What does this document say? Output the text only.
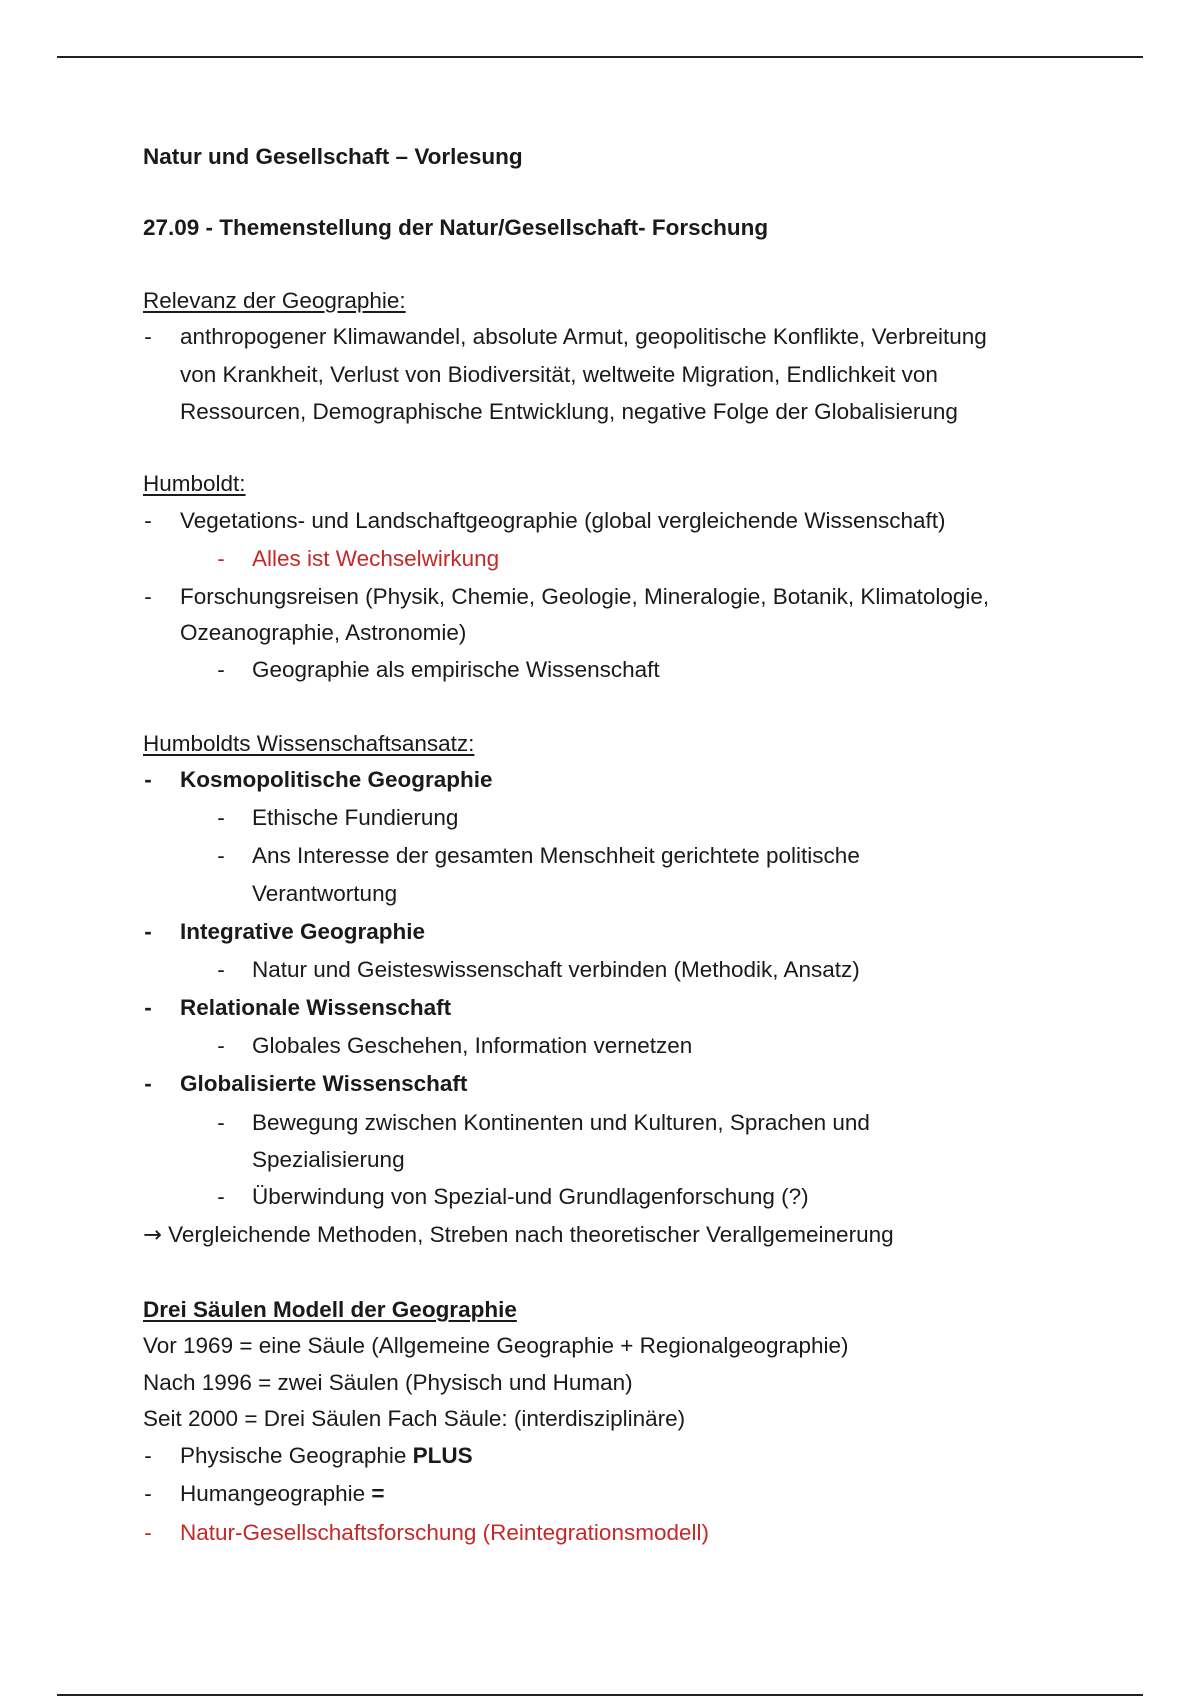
Natur und Gesellschaft – Vorlesung
27.09 - Themenstellung der Natur/Gesellschaft- Forschung
Relevanz der Geographie:
- anthropogener Klimawandel, absolute Armut, geopolitische Konflikte, Verbreitung
von Krankheit, Verlust von Biodiversität, weltweite Migration, Endlichkeit von
Ressourcen, Demographische Entwicklung, negative Folge der Globalisierung
Humboldt:
- Vegetations- und Landschaftgeographie (global vergleichende Wissenschaft)
- Alles ist Wechselwirkung
- Forschungsreisen (Physik, Chemie, Geologie, Mineralogie, Botanik, Klimatologie,
Ozeanographie, Astronomie)
- Geographie als empirische Wissenschaft
Humboldts Wissenschaftsansatz:
- Kosmopolitische Geographie
- Ethische Fundierung
- Ans Interesse der gesamten Menschheit gerichtete politische
Verantwortung
- Integrative Geographie
- Natur und Geisteswissenschaft verbinden (Methodik, Ansatz)
- Relationale Wissenschaft
- Globales Geschehen, Information vernetzen
- Globalisierte Wissenschaft
- Bewegung zwischen Kontinenten und Kulturen, Sprachen und
Spezialisierung
- Überwindung von Spezial-und Grundlagenforschung (?)
→ Vergleichende Methoden, Streben nach theoretischer Verallgemeinerung
Drei Säulen Modell der Geographie
Vor 1969 = eine Säule (Allgemeine Geographie + Regionalgeographie)
Nach 1996 = zwei Säulen (Physisch und Human)
Seit 2000 = Drei Säulen Fach Säule: (interdisziplinäre)
- Physische Geographie PLUS
- Humangeographie =
- Natur-Gesellschaftsforschung (Reintegrationsmodell)
